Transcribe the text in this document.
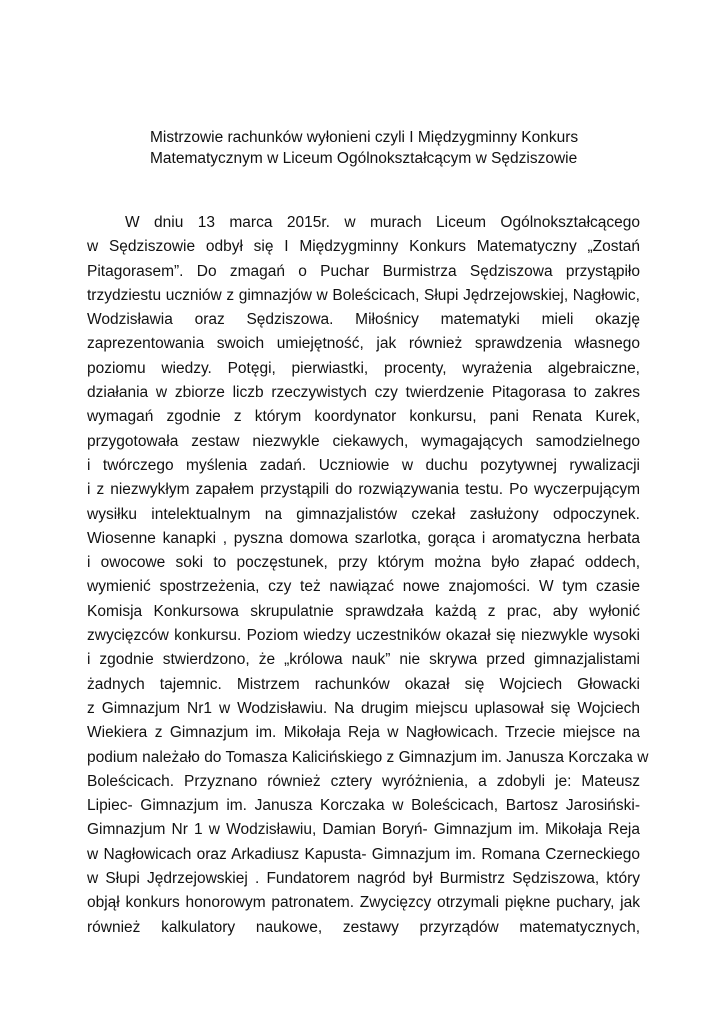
Mistrzowie rachunków wyłonieni czyli I Międzygminny Konkurs
Matematycznym w Liceum Ogólnokształcącym w Sędziszowie
W dniu 13 marca 2015r. w murach Liceum Ogólnokształcącego
w Sędziszowie odbył się I Międzygminny Konkurs Matematyczny „Zostań
Pitagorasem”. Do zmagań o Puchar Burmistrza Sędziszowa przystąpiło
trzydziestu uczniów z gimnazjów w Boleścicach, Słupi Jędrzejowskiej, Nagłowic,
Wodzisławia oraz Sędziszowa. Miłośnicy matematyki mieli okazję
zaprezentowania swoich umiejętność, jak również sprawdzenia własnego
poziomu wiedzy. Potęgi, pierwiastki, procenty, wyrażenia algebraiczne,
działania w zbiorze liczb rzeczywistych czy twierdzenie Pitagorasa to zakres
wymagań zgodnie z którym koordynator konkursu, pani Renata Kurek,
przygotowała zestaw niezwykle ciekawych, wymagających samodzielnego
i twórczego myślenia zadań. Uczniowie w duchu pozytywnej rywalizacji
i z niezwykłym zapałem przystąpili do rozwiązywania testu. Po wyczerpującym
wysiłku intelektualnym na gimnazjalistów czekał zasłużony odpoczynek.
Wiosenne kanapki , pyszna domowa szarlotka, gorąca i aromatyczna herbata
i owocowe soki to poczęstunek, przy którym można było złapać oddech,
wymienić spostrzeżenia, czy też nawiązać nowe znajomości. W tym czasie
Komisja Konkursowa skrupulatnie sprawdzała każdą z prac, aby wyłonić
zwycięzców konkursu. Poziom wiedzy uczestników okazał się niezwykle wysoki
i zgodnie stwierdzono, że „królowa nauk” nie skrywa przed gimnazjalistami
żadnych tajemnic. Mistrzem rachunków okazał się Wojciech Głowacki
z Gimnazjum Nr1 w Wodzisławiu. Na drugim miejscu uplasował się Wojciech
Wiekiera z Gimnazjum im. Mikołaja Reja w Nagłowicach. Trzecie miejsce na
podium należało do Tomasza Kalicińskiego z Gimnazjum im. Janusza Korczaka w
Boleścicach. Przyznano również cztery wyróżnienia, a zdobyli je: Mateusz
Lipiec- Gimnazjum im. Janusza Korczaka w Boleścicach, Bartosz Jarosiński-
Gimnazjum Nr 1 w Wodzisławiu, Damian Boryń- Gimnazjum im. Mikołaja Reja
w Nagłowicach oraz Arkadiusz Kapusta- Gimnazjum im. Romana Czerneckiego
w Słupi Jędrzejowskiej . Fundatorem nagród był Burmistrz Sędziszowa, który
objął konkurs honorowym patronatem. Zwycięzcy otrzymali piękne puchary, jak
również kalkulatory naukowe, zestawy przyrządów matematycznych,
